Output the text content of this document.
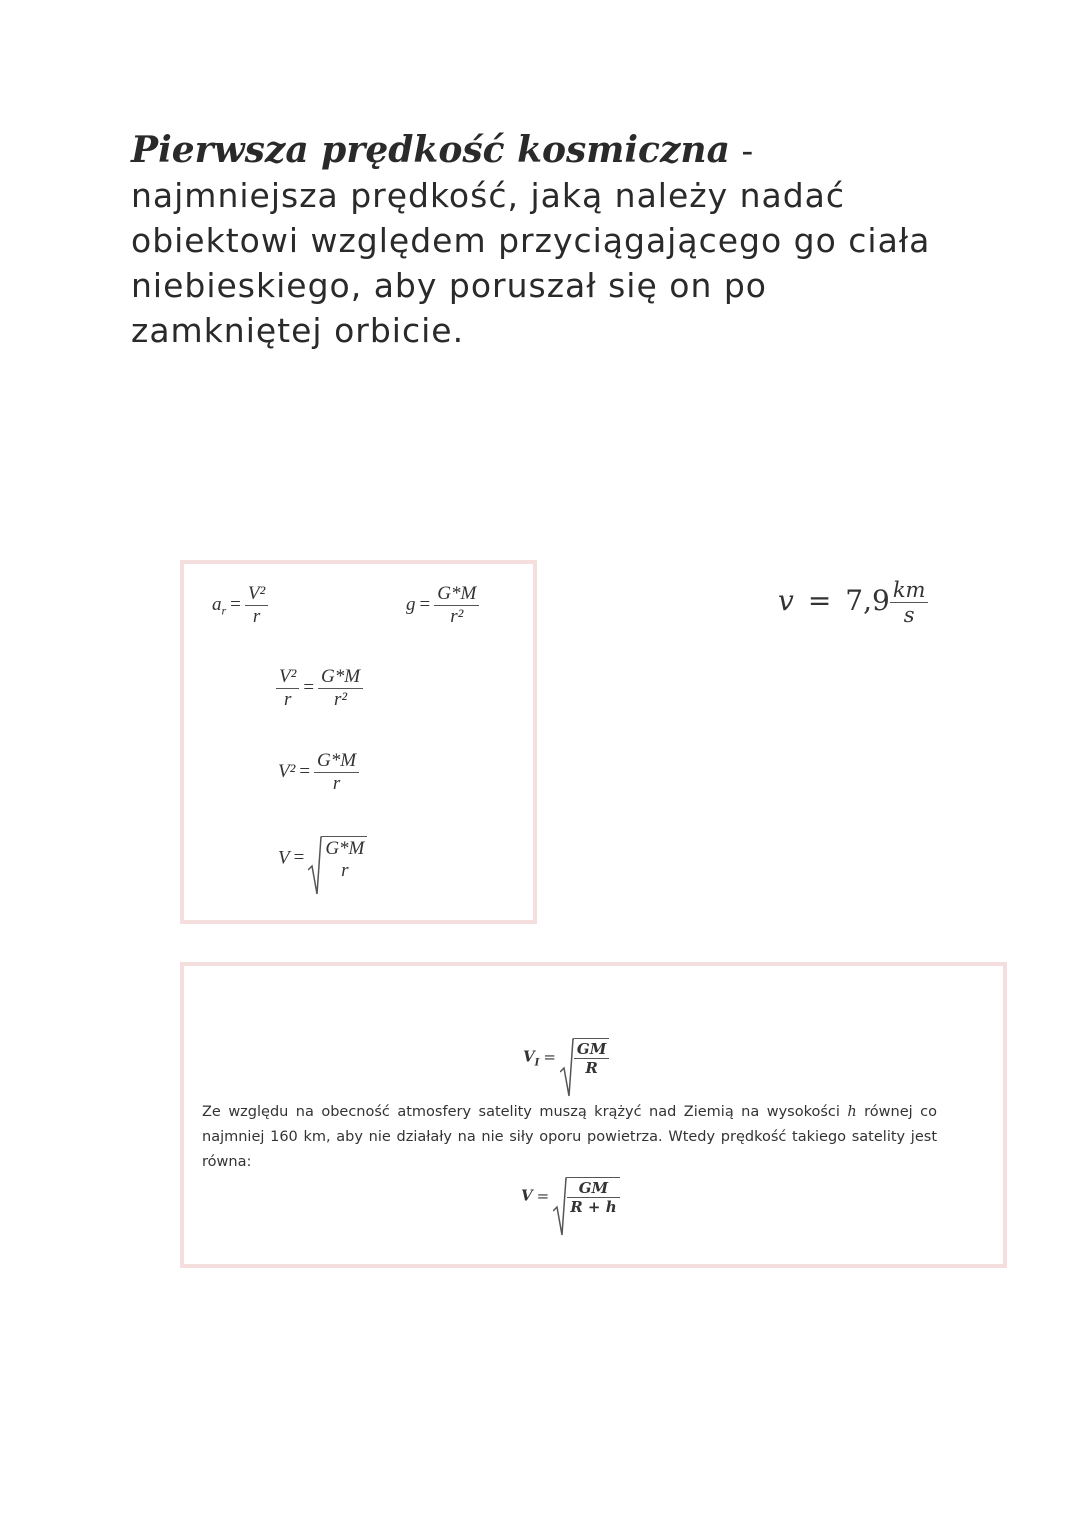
Pierwsza prędkość kosmiczna -najmniejsza prędkość, jaką należy nadać obiektowi względem przyciągającego go ciała niebieskiego, aby poruszał się on po zamkniętej orbicie.
$a_r = \frac{\text{V²}}{r}$	$g = \frac{G*M}{\text{r²}}$
$\frac{\text{V²}}{r} = \frac{G*M}{\text{r²}}$
$V^2 = \frac{G*M}{r}$
V = G*M
r
$v = 7,9 \frac{km}{s}$
$V_I = \frac{GM}{R}$
Ze względu na obecność atmosfery satelity muszą krążyć nad Ziemią na wysokości h równej co najmniej 160 km, aby nie działały na nie siły oporu powietrza. Wtedy prędkość takiego satelity jest równa:
$V = \frac{GM}{R + h}$
